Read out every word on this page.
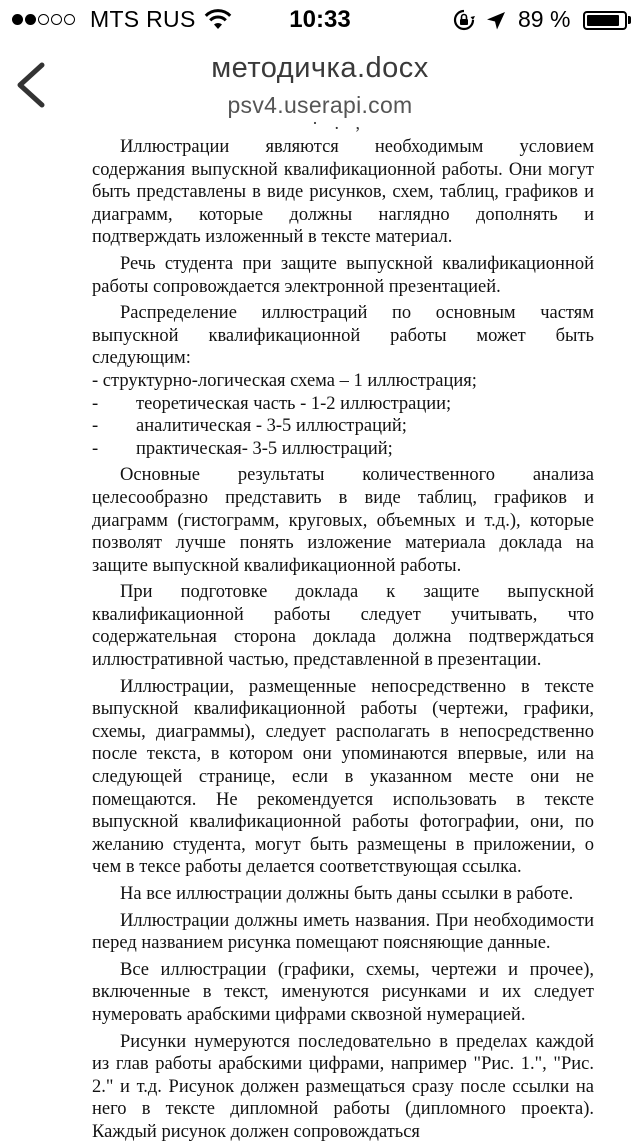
MTS RUS	10:33	89 %
методичка.docx
psv4.userapi.com
· . ,

Иллюстрации являются необходимым условием содержания выпускной квалификационной работы. Они могут быть представлены в виде рисунков, схем, таблиц, графиков и диаграмм, которые должны наглядно дополнять и подтверждать изложенный в тексте материал.

Речь студента при защите выпускной квалификационной работы сопровождается электронной презентацией.

Распределение иллюстраций по основным частям выпускной квалификационной работы может быть следующим:

- структурно-логическая схема – 1 иллюстрация;
- теоретическая часть - 1-2 иллюстрации;
- аналитическая - 3-5 иллюстраций;
- практическая- 3-5 иллюстраций;

Основные результаты количественного анализа целесообразно представить в виде таблиц, графиков и диаграмм (гистограмм, круговых, объемных и т.д.), которые позволят лучше понять изложение материала доклада на защите выпускной квалификационной работы.

При подготовке доклада к защите выпускной квалификационной работы следует учитывать, что содержательная сторона доклада должна подтверждаться иллюстративной частью, представленной в презентации.

Иллюстрации, размещенные непосредственно в тексте выпускной квалификационной работы (чертежи, графики, схемы, диаграммы), следует располагать в непосредственно после текста, в котором они упоминаются впервые, или на следующей странице, если в указанном месте они не помещаются. Не рекомендуется использовать в тексте выпускной квалификационной работы фотографии, они, по желанию студента, могут быть размещены в приложении, о чем в тексе работы делается соответствующая ссылка.

На все иллюстрации должны быть даны ссылки в работе.

Иллюстрации должны иметь названия. При необходимости перед названием рисунка помещают поясняющие данные.

Все иллюстрации (графики, схемы, чертежи и прочее), включенные в текст, именуются рисунками и их следует нумеровать арабскими цифрами сквозной нумерацией.

Рисунки нумеруются последовательно в пределах каждой из глав работы арабскими цифрами, например "Рис. 1.", "Рис. 2." и т.д. Рисунок должен размещаться сразу после ссылки на него в тексте дипломной работы (дипломного проекта). Каждый рисунок должен сопровождаться
